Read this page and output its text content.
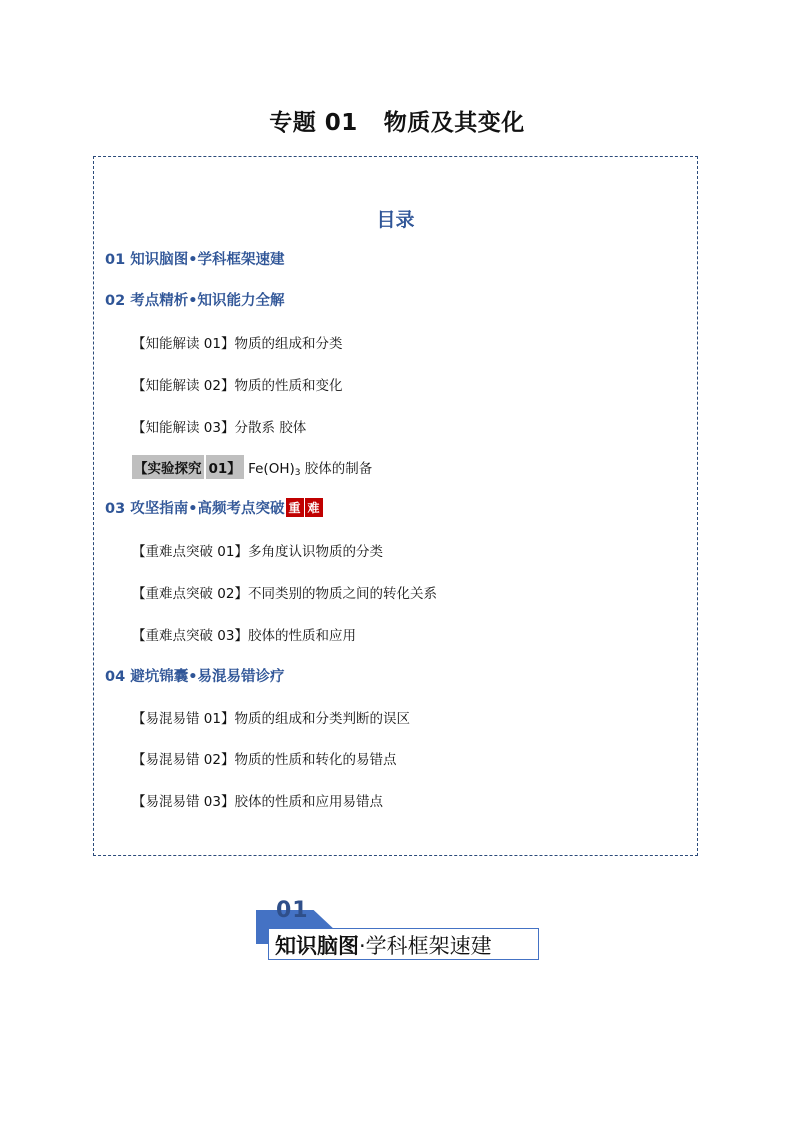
专题 01 物质及其变化
目录
01 知识脑图•学科框架速建
02 考点精析•知识能力全解
【知能解读 01】物质的组成和分类
【知能解读 02】物质的性质和变化
【知能解读 03】分散系 胶体
【实验探究 01】 $Fe(OH)_3$ 胶体的制备
03 攻坚指南•高频考点突破 重 难
【重难点突破 01】多角度认识物质的分类
【重难点突破 02】不同类别的物质之间的转化关系
【重难点突破 03】胶体的性质和应用
04 避坑锦囊•易混易错诊疗
【易混易错 01】物质的组成和分类判断的误区
【易混易错 02】物质的性质和转化的易错点
【易混易错 03】胶体的性质和应用易错点
01
知识脑图·学科框架速建
